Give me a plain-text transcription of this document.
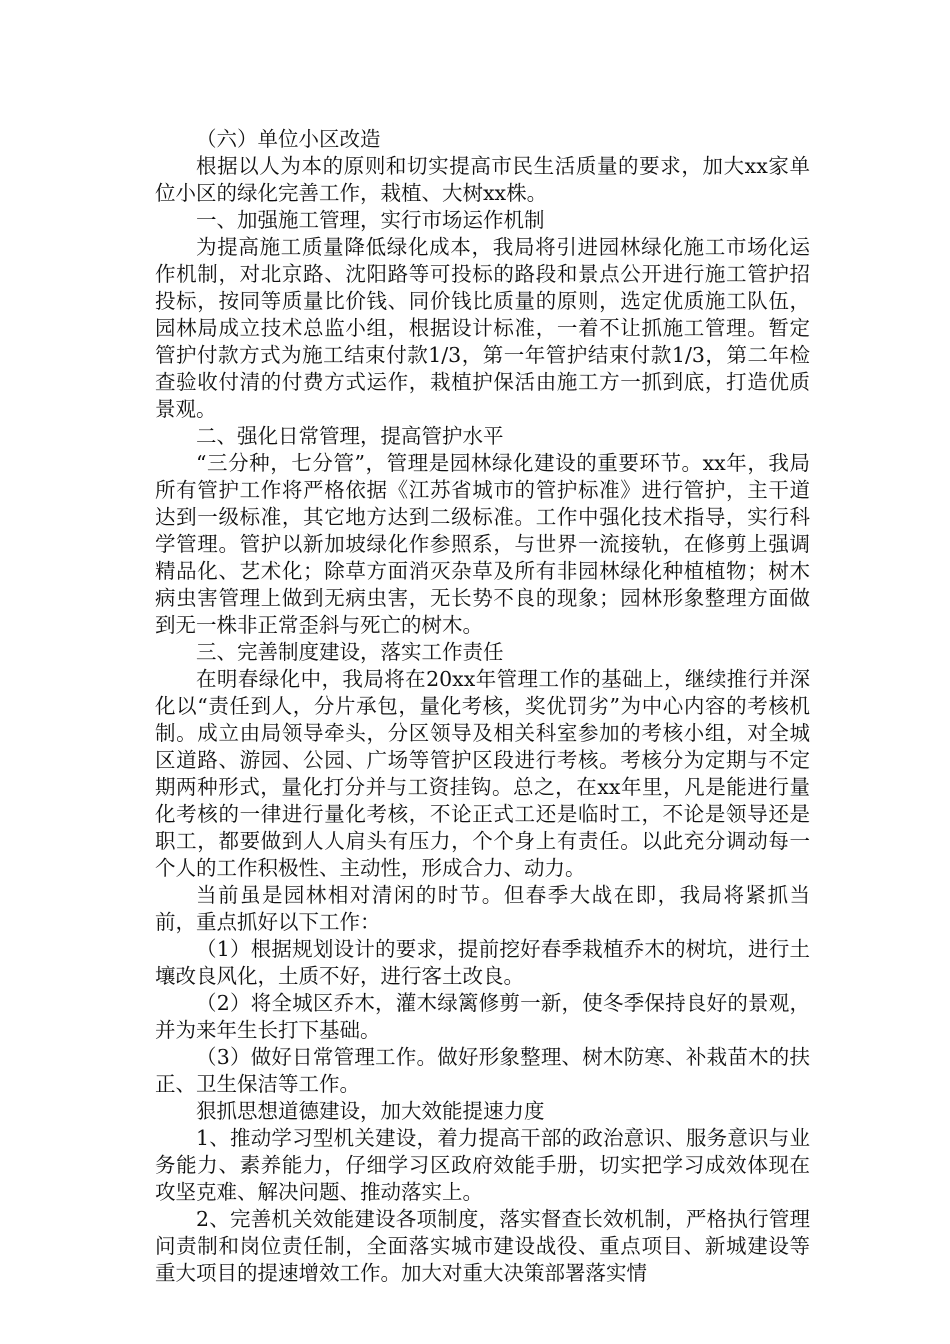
（六）单位小区改造

根据以人为本的原则和切实提高市民生活质量的要求，加大xx家单位小区的绿化完善工作，栽植、大树xx株。

一、加强施工管理，实行市场运作机制

为提高施工质量降低绿化成本，我局将引进园林绿化施工市场化运作机制，对北京路、沈阳路等可投标的路段和景点公开进行施工管护招投标，按同等质量比价钱、同价钱比质量的原则，选定优质施工队伍，园林局成立技术总监小组，根据设计标准，一着不让抓施工管理。暂定管护付款方式为施工结束付款1/3，第一年管护结束付款1/3，第二年检查验收付清的付费方式运作，栽植护保活由施工方一抓到底，打造优质景观。

二、强化日常管理，提高管护水平

“三分种，七分管”，管理是园林绿化建设的重要环节。xx年，我局所有管护工作将严格依据《江苏省城市的管护标准》进行管护，主干道达到一级标准，其它地方达到二级标准。工作中强化技术指导，实行科学管理。管护以新加坡绿化作参照系，与世界一流接轨，在修剪上强调精品化、艺术化；除草方面消灭杂草及所有非园林绿化种植植物；树木病虫害管理上做到无病虫害，无长势不良的现象；园林形象整理方面做到无一株非正常歪斜与死亡的树木。

三、完善制度建设，落实工作责任

在明春绿化中，我局将在20xx年管理工作的基础上，继续推行并深化以“责任到人，分片承包，量化考核，奖优罚劣”为中心内容的考核机制。成立由局领导牵头，分区领导及相关科室参加的考核小组，对全城区道路、游园、公园、广场等管护区段进行考核。考核分为定期与不定期两种形式，量化打分并与工资挂钩。总之，在xx年里，凡是能进行量化考核的一律进行量化考核，不论正式工还是临时工，不论是领导还是职工，都要做到人人肩头有压力，个个身上有责任。以此充分调动每一个人的工作积极性、主动性，形成合力、动力。

当前虽是园林相对清闲的时节。但春季大战在即，我局将紧抓当前，重点抓好以下工作：

（1）根据规划设计的要求，提前挖好春季栽植乔木的树坑，进行土壤改良风化，土质不好，进行客土改良。

（2）将全城区乔木，灌木绿篱修剪一新，使冬季保持良好的景观，并为来年生长打下基础。

（3）做好日常管理工作。做好形象整理、树木防寒、补栽苗木的扶正、卫生保洁等工作。

狠抓思想道德建设，加大效能提速力度

1、推动学习型机关建设，着力提高干部的政治意识、服务意识与业务能力、素养能力，仔细学习区政府效能手册，切实把学习成效体现在攻坚克难、解决问题、推动落实上。

2、完善机关效能建设各项制度，落实督查长效机制，严格执行管理问责制和岗位责任制，全面落实城市建设战役、重点项目、新城建设等重大项目的提速增效工作。加大对重大决策部署落实情
